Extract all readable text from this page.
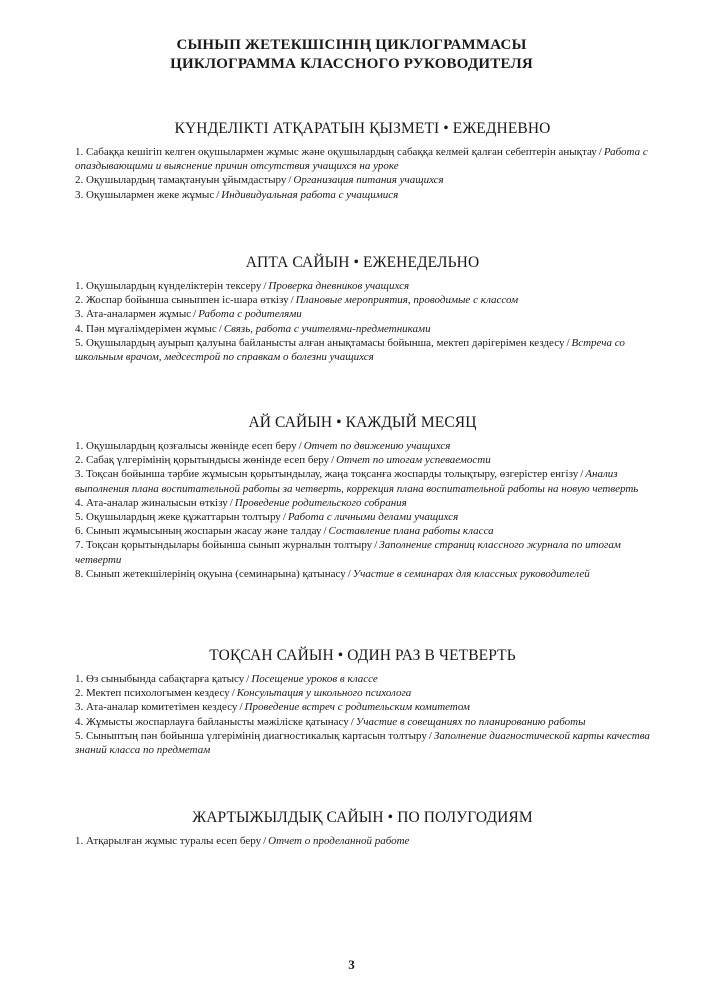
СЫНЫП ЖЕТЕКШІСІНІҢ ЦИКЛОГРАММАСЫ
ЦИКЛОГРАММА КЛАССНОГО РУКОВОДИТЕЛЯ
КҮНДЕЛІКТІ АТҚАРАТЫН ҚЫЗМЕТІ • ЕЖЕДНЕВНО
1. Сабаққа кешігіп келген оқушылармен жұмыс және оқушылардың сабаққа келмей қалған себептерін анықтау / Работа с опаздывающими и выяснение причин отсутствия учащихся на уроке
2. Оқушылардың тамақтануын ұйымдастыру / Организация питания учащихся
3. Оқушылармен жеке жұмыс / Индивидуальная работа с учащимися
АПТА САЙЫН • ЕЖЕНЕДЕЛЬНО
1. Оқушылардың күнделіктерін тексеру / Проверка дневников учащихся
2. Жоспар бойынша сыныппен іс-шара өткізу / Плановые мероприятия, проводимые с классом
3. Ата-аналармен жұмыс / Работа с родителями
4. Пән мұғалімдерімен жұмыс / Связь, работа с учителями-предметниками
5. Оқушылардың ауырып қалуына байланысты алған анықтамасы бойынша, мектеп дәрігерімен кездесу / Встреча со школьным врачом, медсестрой по справкам о болезни учащихся
АЙ САЙЫН • КАЖДЫЙ МЕСЯЦ
1. Оқушылардың қозғалысы жөнінде есеп беру / Отчет по движению учащихся
2. Сабақ үлгерімінің қорытындысы жөнінде есеп беру / Отчет по итогам успеваемости
3. Тоқсан бойынша тәрбие жұмысын қорытындылау, жаңа тоқсанға жоспарды толықтыру, өзгерістер енгізу / Анализ выполнения плана воспитательной работы за четверть, коррекция плана воспитательной работы на новую четверть
4. Ата-аналар жиналысын өткізу / Проведение родительского собрания
5. Оқушылардың жеке құжаттарын толтыру / Работа с личными делами учащихся
6. Сынып жұмысының жоспарын жасау және талдау / Составление плана работы класса
7. Тоқсан қорытындылары бойынша сынып журналын толтыру / Заполнение страниц классного журнала по итогам четверти
8. Сынып жетекшілерінің оқуына (семинарына) қатынасу / Участие в семинарах для классных руководителей
ТОҚСАН САЙЫН • ОДИН РАЗ В ЧЕТВЕРТЬ
1. Өз сыныбында сабақтарға қатысу / Посещение уроков в классе
2. Мектеп психологымен кездесу / Консультация у школьного психолога
3. Ата-аналар комитетімен кездесу / Проведение встреч с родительским комитетом
4. Жұмысты жоспарлауға байланысты мәжіліске қатынасу / Участие в совещаниях по планированию работы
5. Сыныптың пән бойынша үлгерімінің диагностикалық картасын толтыру / Заполнение диагностической карты качества знаний класса по предметам
ЖАРТЫЖЫЛДЫҚ САЙЫН • ПО ПОЛУГОДИЯМ
1. Атқарылған жұмыс туралы есеп беру / Отчет о проделанной работе
3
